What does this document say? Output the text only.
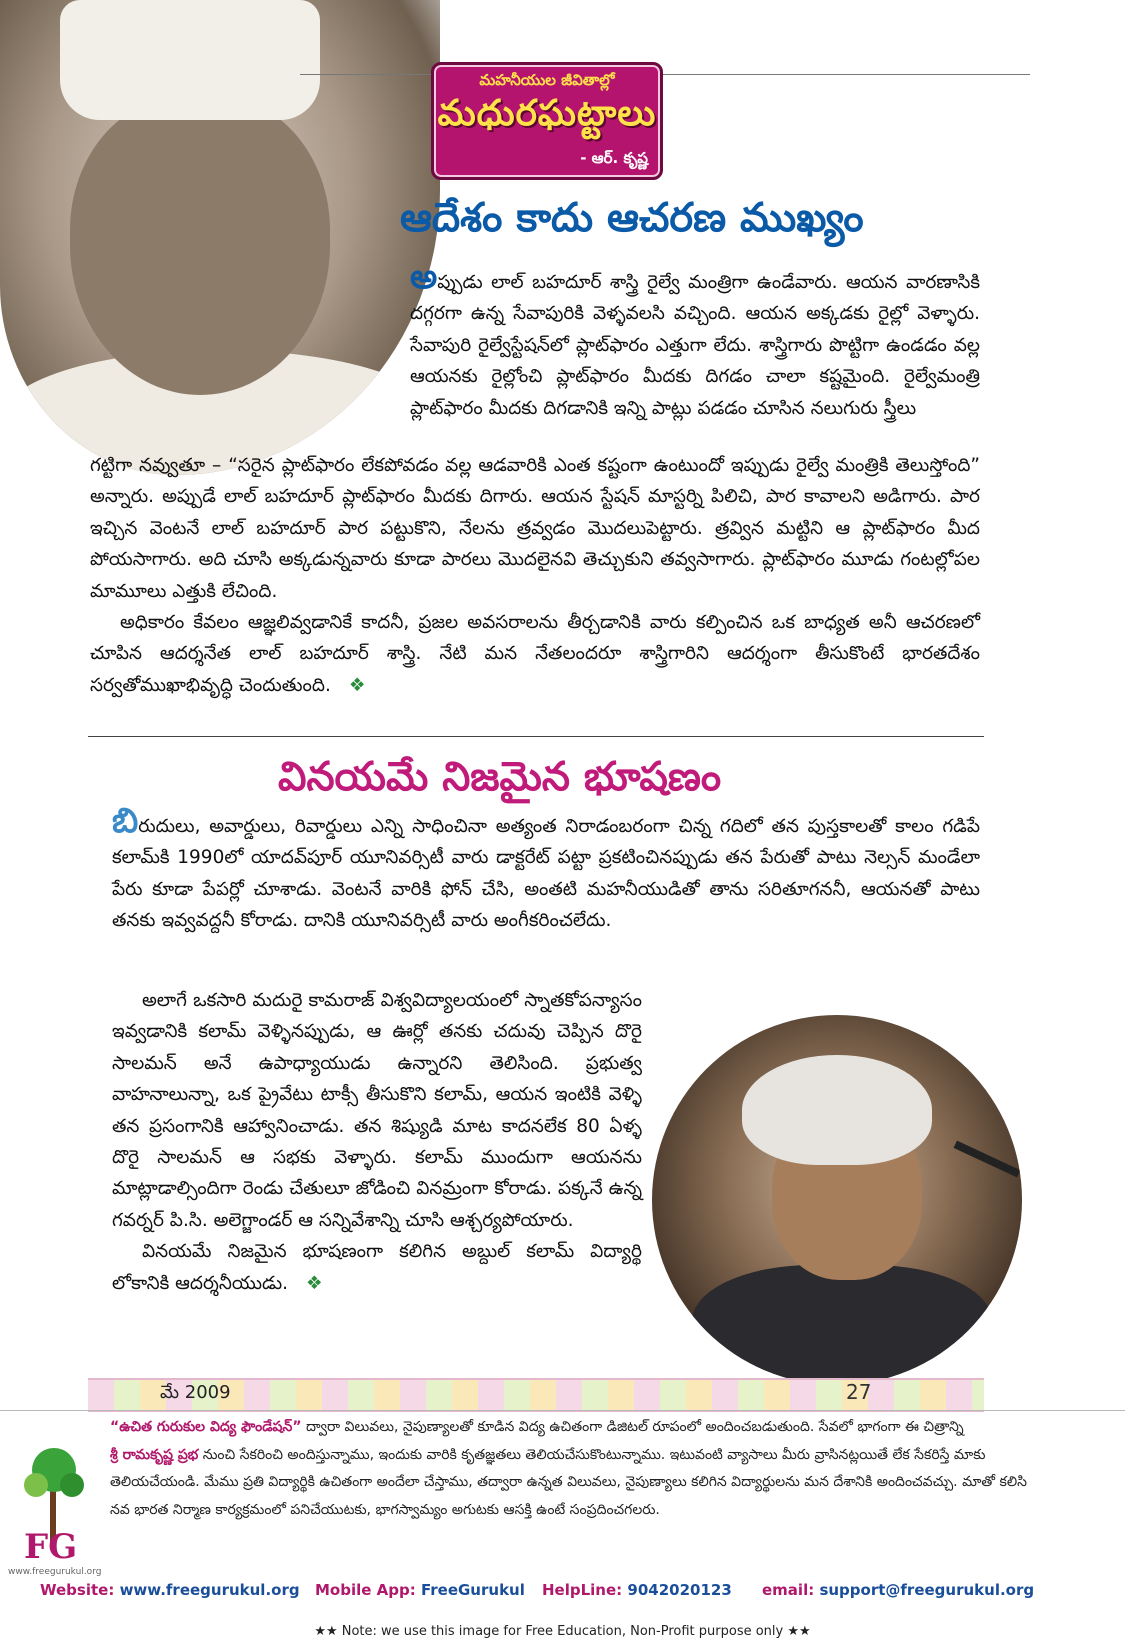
మహనీయుల జీవితాల్లో
మధురఘట్టాలు
- ఆర్. కృష్ణ
ఆదేశం కాదు ఆచరణ ముఖ్యం

అప్పుడు లాల్ బహదూర్ శాస్త్రి రైల్వే మంత్రిగా ఉండేవారు. ఆయన వారణాసికి దగ్గరగా ఉన్న సేవాపురికి వెళ్ళవలసి వచ్చింది. ఆయన అక్కడకు రైల్లో వెళ్ళారు. సేవాపురి రైల్వేస్టేషన్‌లో ప్లాట్‌ఫారం ఎత్తుగా లేదు. శాస్త్రిగారు పొట్టిగా ఉండడం వల్ల ఆయనకు రైల్లోంచి ప్లాట్‌ఫారం మీదకు దిగడం చాలా కష్టమైంది. రైల్వేమంత్రి ప్లాట్‌ఫారం మీదకు దిగడానికి ఇన్ని పాట్లు పడడం చూసిన నలుగురు స్త్రీలు

గట్టిగా నవ్వుతూ – “సరైన ప్లాట్‌ఫారం లేకపోవడం వల్ల ఆడవారికి ఎంత కష్టంగా ఉంటుందో ఇప్పుడు రైల్వే మంత్రికి తెలుస్తోంది” అన్నారు. అప్పుడే లాల్ బహదూర్ ప్లాట్‌ఫారం మీదకు దిగారు. ఆయన స్టేషన్ మాస్టర్ని పిలిచి, పార కావాలని అడిగారు. పార ఇచ్చిన వెంటనే లాల్ బహదూర్ పార పట్టుకొని, నేలను త్రవ్వడం మొదలుపెట్టారు. త్రవ్విన మట్టిని ఆ ప్లాట్‌ఫారం మీద పోయసాగారు. అది చూసి అక్కడున్నవారు కూడా పారలు మొదలైనవి తెచ్చుకుని తవ్వసాగారు. ప్లాట్‌ఫారం మూడు గంటల్లోపల మామూలు ఎత్తుకి లేచింది.

అధికారం కేవలం ఆజ్ఞలివ్వడానికే కాదనీ, ప్రజల అవసరాలను తీర్చడానికి వారు కల్పించిన ఒక బాధ్యత అనీ ఆచరణలో చూపిన ఆదర్శనేత లాల్ బహదూర్ శాస్త్రి. నేటి మన నేతలందరూ శాస్త్రిగారిని ఆదర్శంగా తీసుకొంటే భారతదేశం సర్వతోముఖాభివృద్ధి చెందుతుంది. ❖

వినయమే నిజమైన భూషణం

బిరుదులు, అవార్డులు, రివార్డులు ఎన్ని సాధించినా అత్యంత నిరాడంబరంగా చిన్న గదిలో తన పుస్తకాలతో కాలం గడిపే కలామ్‌కి 1990లో యాదవ్‌పూర్ యూనివర్సిటీ వారు డాక్టరేట్ పట్టా ప్రకటించినప్పుడు తన పేరుతో పాటు నెల్సన్ మండేలా పేరు కూడా పేపర్లో చూశాడు. వెంటనే వారికి ఫోన్ చేసి, అంతటి మహనీయుడితో తాను సరితూగననీ, ఆయనతో పాటు తనకు ఇవ్వవద్దనీ కోరాడు. దానికి యూనివర్సిటీ వారు అంగీకరించలేదు.

అలాగే ఒకసారి మదురై కామరాజ్ విశ్వవిద్యాలయంలో స్నాతకోపన్యాసం ఇవ్వడానికి కలామ్ వెళ్ళినప్పుడు, ఆ ఊర్లో తనకు చదువు చెప్పిన దొరై సాలమన్ అనే ఉపాధ్యాయుడు ఉన్నారని తెలిసింది. ప్రభుత్వ వాహనాలున్నా, ఒక ప్రైవేటు టాక్సీ తీసుకొని కలామ్, ఆయన ఇంటికి వెళ్ళి తన ప్రసంగానికి ఆహ్వానించాడు. తన శిష్యుడి మాట కాదనలేక 80 ఏళ్ళ దొరై సాలమన్ ఆ సభకు వెళ్ళారు. కలామ్ ముందుగా ఆయనను మాట్లాడాల్సిందిగా రెండు చేతులూ జోడించి వినమ్రంగా కోరాడు. పక్కనే ఉన్న గవర్నర్ పి.సి. అలెగ్జాండర్ ఆ సన్నివేశాన్ని చూసి ఆశ్చర్యపోయారు.

వినయమే నిజమైన భూషణంగా కలిగిన అబ్దుల్ కలామ్ విద్యార్థి లోకానికి ఆదర్శనీయుడు. ❖

మే 2009	27
FG
www.freegurukul.org

“ఉచిత గురుకుల విద్య ఫౌండేషన్” ద్వారా విలువలు, నైపుణ్యాలతో కూడిన విద్య ఉచితంగా డిజిటల్ రూపంలో అందించబడుతుంది. సేవలో భాగంగా ఈ చిత్రాన్ని

శ్రీ రామకృష్ణ ప్రభ నుంచి సేకరించి అందిస్తున్నాము, ఇందుకు వారికి కృతజ్ఞతలు తెలియచేసుకొంటున్నాము. ఇటువంటి వ్యాసాలు మీరు వ్రాసినట్లయితే లేక సేకరిస్తే మాకు

తెలియచేయండి. మేము ప్రతి విద్యార్థికి ఉచితంగా అందేలా చేస్తాము, తద్వారా ఉన్నత విలువలు, నైపుణ్యాలు కలిగిన విద్యార్థులను మన దేశానికి అందించవచ్చు. మాతో కలిసి

నవ భారత నిర్మాణ కార్యక్రమంలో పనిచేయుటకు, భాగస్వామ్యం అగుటకు ఆసక్తి ఉంటే సంప్రదించగలరు.

Website: www.freegurukul.org Mobile App: FreeGurukul HelpLine: 9042020123 email: support@freegurukul.org
★★ Note: we use this image for Free Education, Non-Profit purpose only ★★
